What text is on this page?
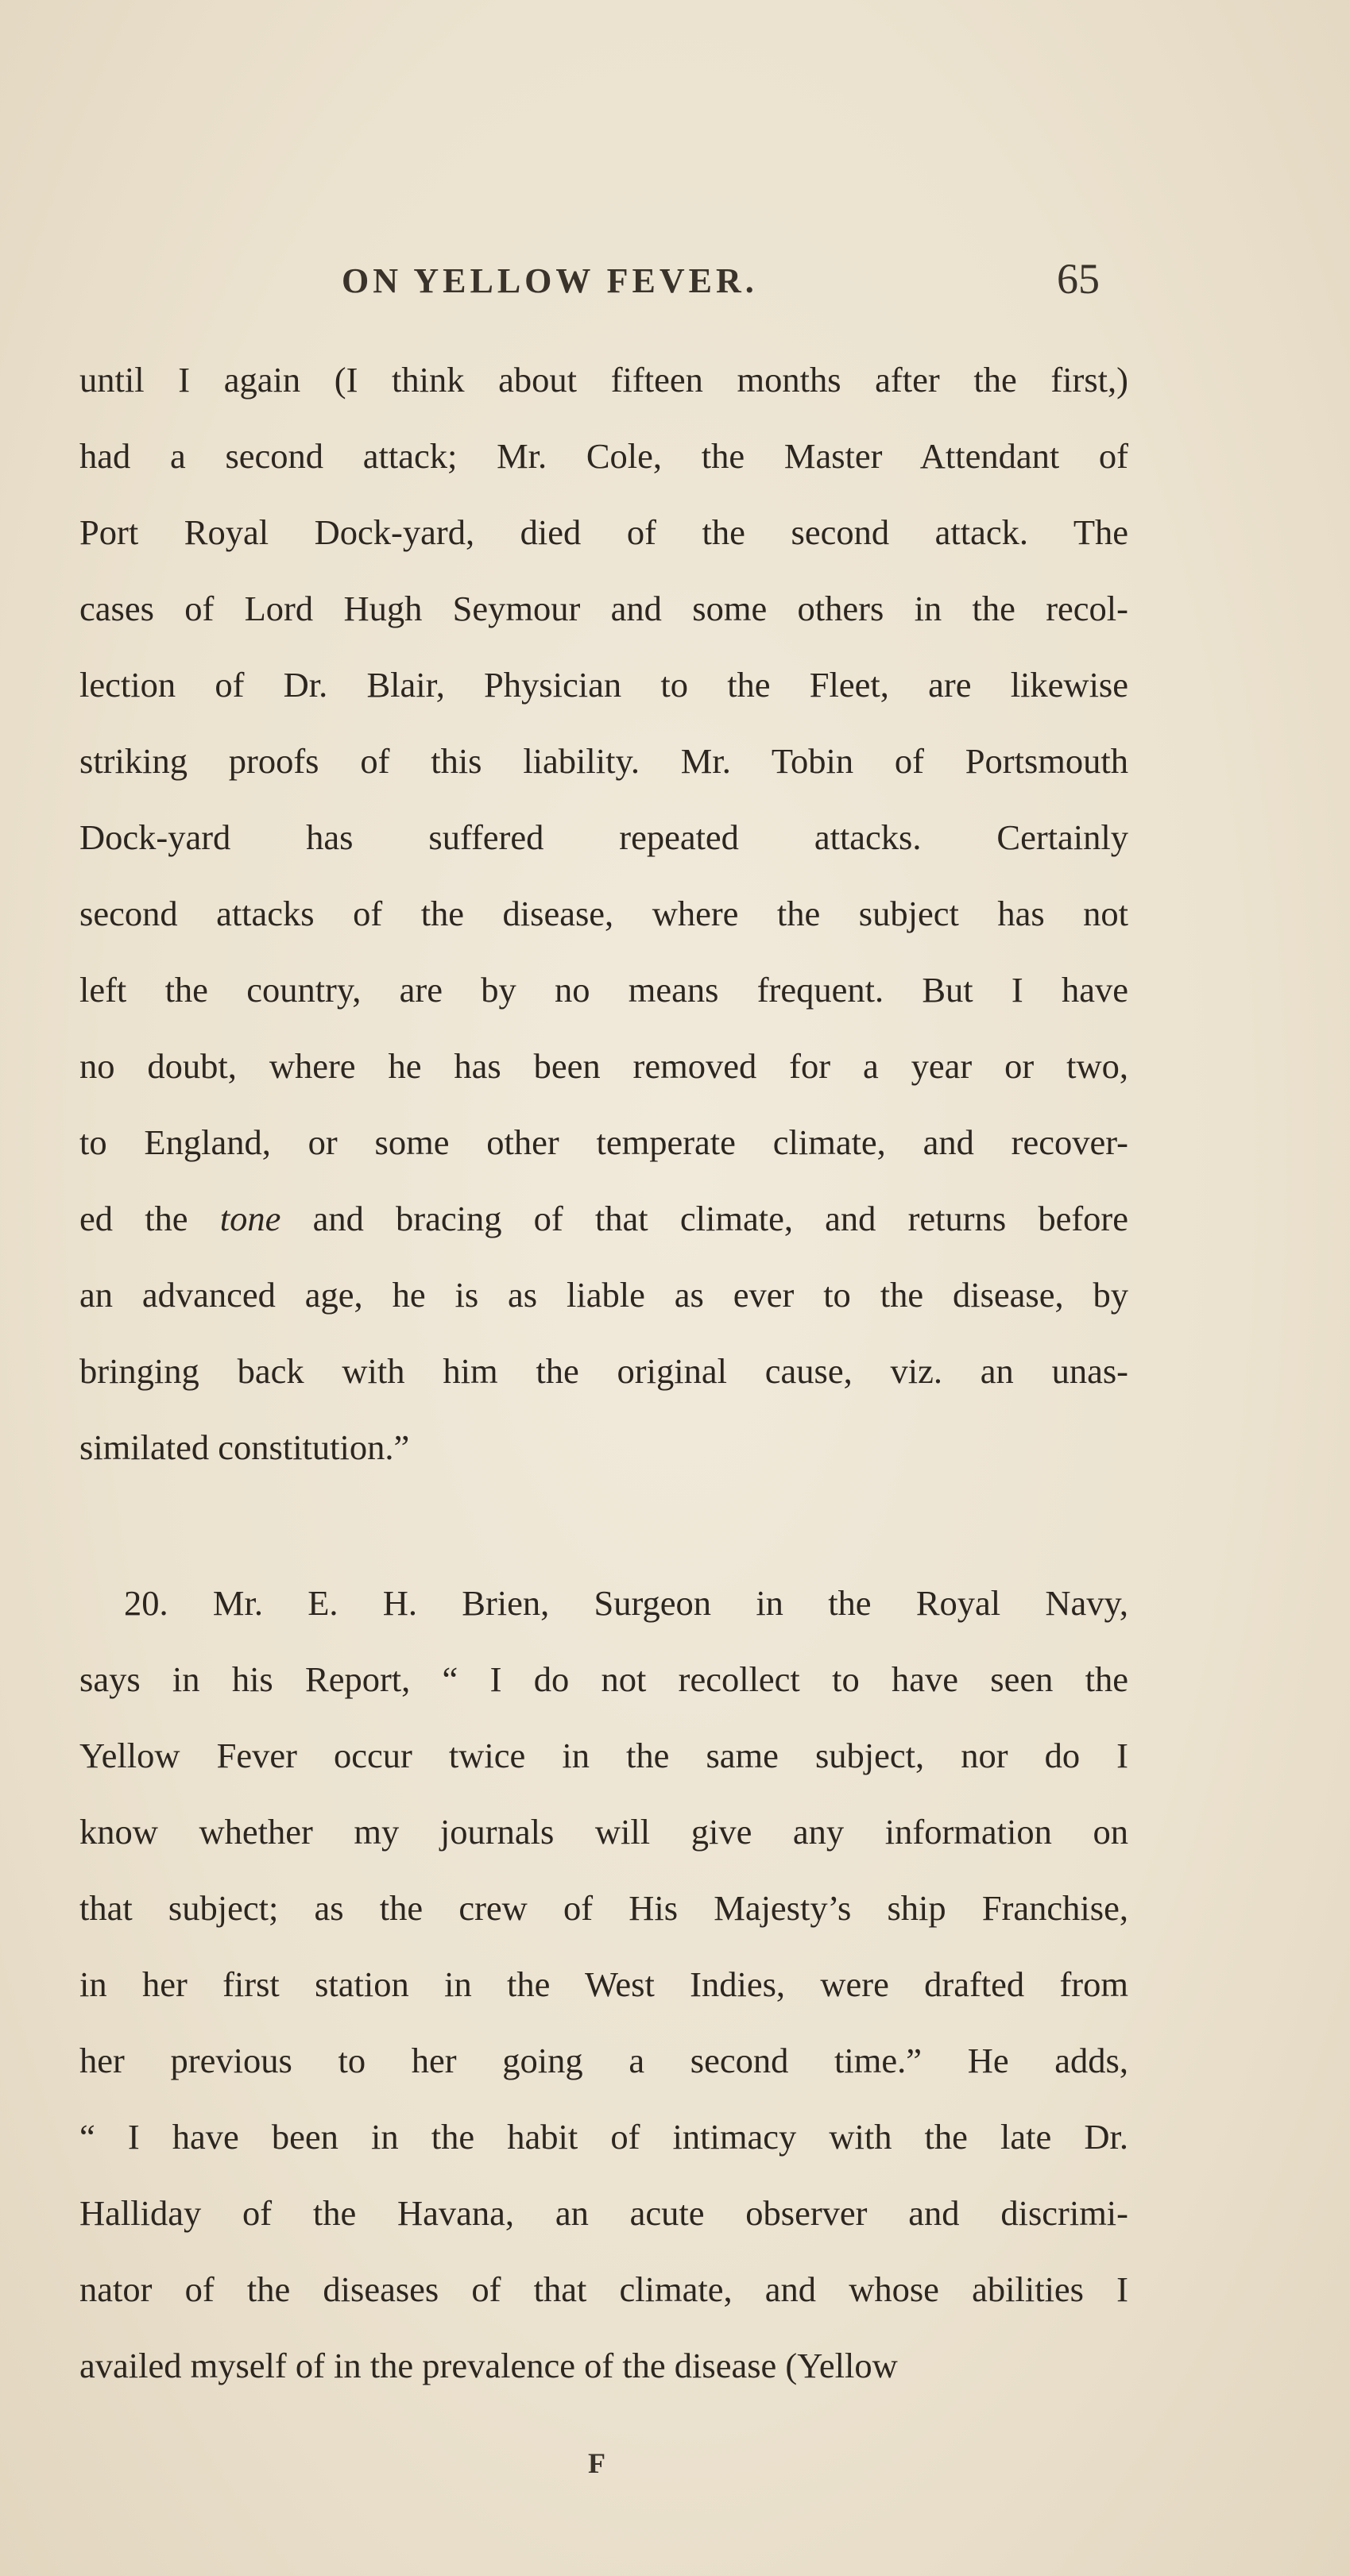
ON YELLOW FEVER.	65
until I again (I think about fifteen months after the first,)
had a second attack; Mr. Cole, the Master Attendant of
Port Royal Dock-yard, died of the second attack. The
cases of Lord Hugh Seymour and some others in the recol-
lection of Dr. Blair, Physician to the Fleet, are likewise
striking proofs of this liability. Mr. Tobin of Portsmouth
Dock-yard has suffered repeated attacks. Certainly
second attacks of the disease, where the subject has not
left the country, are by no means frequent. But I have
no doubt, where he has been removed for a year or two,
to England, or some other temperate climate, and recover-
ed the tone and bracing of that climate, and returns before
an advanced age, he is as liable as ever to the disease, by
bringing back with him the original cause, viz. an unas-
similated constitution.”
20. Mr. E. H. Brien, Surgeon in the Royal Navy,
says in his Report, “ I do not recollect to have seen the
Yellow Fever occur twice in the same subject, nor do I
know whether my journals will give any information on
that subject; as the crew of His Majesty’s ship Franchise,
in her first station in the West Indies, were drafted from
her previous to her going a second time.” He adds,
“ I have been in the habit of intimacy with the late Dr.
Halliday of the Havana, an acute observer and discrimi-
nator of the diseases of that climate, and whose abilities I
availed myself of in the prevalence of the disease (Yellow
F
